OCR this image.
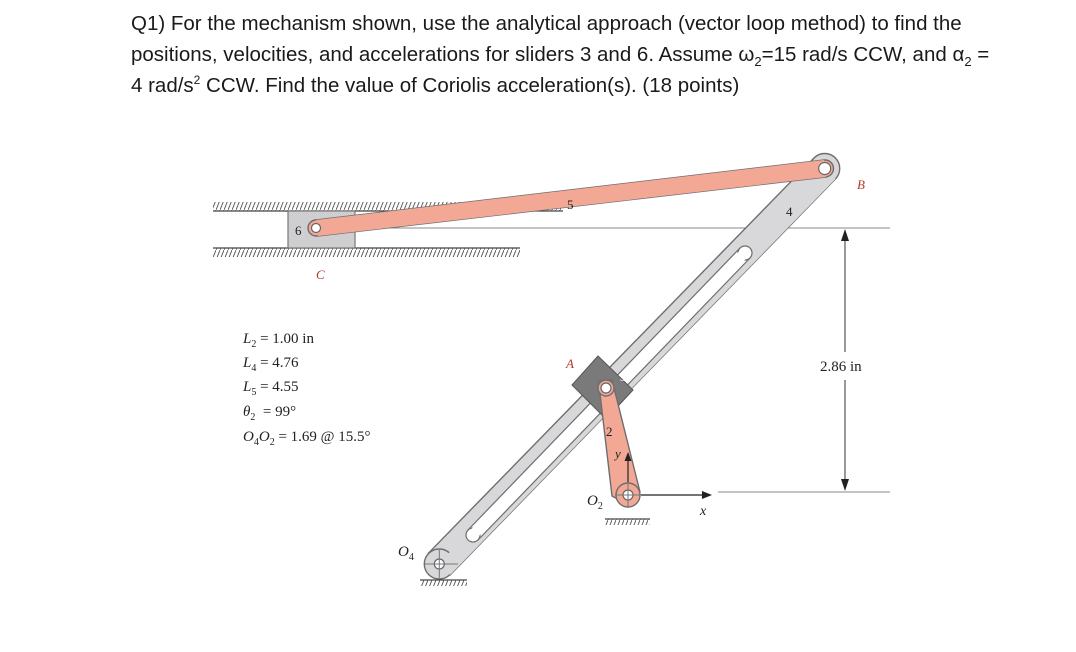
Q1) For the mechanism shown, use the analytical approach (vector loop method) to find the positions, velocities, and accelerations for sliders 3 and 6. Assume $\omega_2=15$ rad/s CCW, and $\alpha_2 = 4$ rad/$s^2$ CCW. Find the value of Coriolis acceleration(s). (18 points)
2.86 in
B
A
C
x
y
2
3
4
5
6
$O_2$
$O_4$
$L_2 = 1.00$ in
$L_4 = 4.76$
$L_5 = 4.55$
$\theta_2 = 99^\circ$
$O_4O_2 = 1.69$ @ 15.5°
